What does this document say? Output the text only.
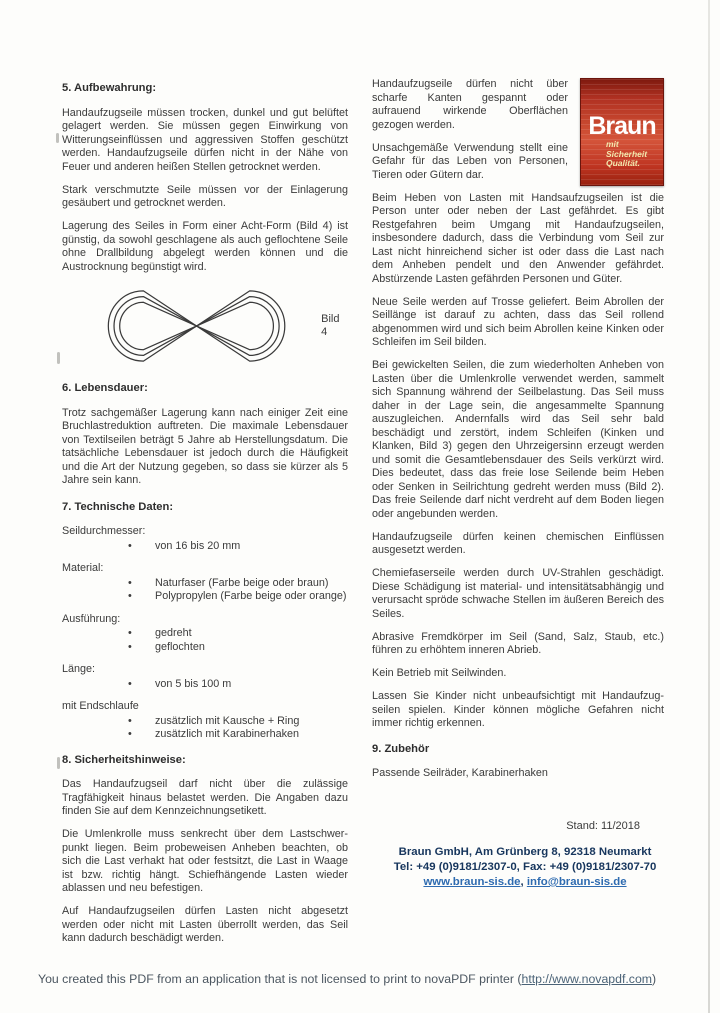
5. Aufbewahrung:

Handaufzugseile müssen trocken, dunkel und gut belüftet gelagert werden. Sie müssen gegen Einwirkung von Witterungseinflüssen und aggressiven Stoffen geschützt werden. Handaufzugseile dürfen nicht in der Nähe von Feuer und anderen heißen Stellen getrocknet werden.

Stark verschmutzte Seile müssen vor der Einlagerung gesäubert und getrocknet werden.

Lagerung des Seiles in Form einer Acht-Form (Bild 4) ist günstig, da sowohl geschlagene als auch geflochtene Seile ohne Drallbildung abgelegt werden können und die Austrocknung begünstigt wird.

Bild 4
6. Lebensdauer:

Trotz sachgemäßer Lagerung kann nach einiger Zeit eine Bruchlastreduktion auftreten. Die maximale Lebensdauer von Textilseilen beträgt 5 Jahre ab Herstellungsdatum. Die tatsächliche Lebensdauer ist jedoch durch die Häufigkeit und die Art der Nutzung gegeben, so dass sie kürzer als 5 Jahre sein kann.

7. Technische Daten:
Seildurchmesser:
• von 16 bis 20 mm
Material:
• Naturfaser (Farbe beige oder braun)
• Polypropylen (Farbe beige oder orange)
Ausführung:
• gedreht
• geflochten
Länge:
• von 5 bis 100 m
mit Endschlaufe
• zusätzlich mit Kausche + Ring
• zusätzlich mit Karabinerhaken
8. Sicherheitshinweise:

Das Handaufzugseil darf nicht über die zulässige Tragfähigkeit hinaus belastet werden. Die Angaben dazu finden Sie auf dem Kennzeichnungsetikett.

Die Umlenkrolle muss senkrecht über dem Lastschwerpunkt liegen. Beim probeweisen Anheben beachten, ob sich die Last verhakt hat oder festsitzt, die Last in Waage ist bzw. richtig hängt. Schiefhängende Lasten wieder ablassen und neu befestigen.

Auf Handaufzugseilen dürfen Lasten nicht abgesetzt werden oder nicht mit Lasten überrollt werden, das Seil kann dadurch beschädigt werden.

Braun
mit
Sicherheit
Qualität.

Handaufzugseile dürfen nicht über scharfe Kanten gespannt oder aufrauend wirkende Oberflächen gezogen werden.

Unsachgemäße Verwendung stellt eine Gefahr für das Leben von Personen, Tieren oder Gütern dar.

Beim Heben von Lasten mit Handsaufzugseilen ist die Person unter oder neben der Last gefährdet. Es gibt Restgefahren beim Umgang mit Handaufzugseilen, insbesondere dadurch, dass die Verbindung vom Seil zur Last nicht hinreichend sicher ist oder dass die Last nach dem Anheben pendelt und den Anwender gefährdet. Abstürzende Lasten gefährden Personen und Güter.

Neue Seile werden auf Trosse geliefert. Beim Abrollen der Seillänge ist darauf zu achten, dass das Seil rollend abgenommen wird und sich beim Abrollen keine Kinken oder Schleifen im Seil bilden.

Bei gewickelten Seilen, die zum wiederholten Anheben von Lasten über die Umlenkrolle verwendet werden, sammelt sich Spannung während der Seilbelastung. Das Seil muss daher in der Lage sein, die angesammelte Spannung auszugleichen. Andernfalls wird das Seil sehr bald beschädigt und zerstört, indem Schleifen (Kinken und Klanken, Bild 3) gegen den Uhrzeigersinn erzeugt werden und somit die Gesamtlebensdauer des Seils verkürzt wird. Dies bedeutet, dass das freie lose Seilende beim Heben oder Senken in Seilrichtung gedreht werden muss (Bild 2). Das freie Seilende darf nicht verdreht auf dem Boden liegen oder angebunden werden.

Handaufzugseile dürfen keinen chemischen Einflüssen ausgesetzt werden.

Chemiefaserseile werden durch UV-Strahlen geschädigt. Diese Schädigung ist material- und intensitätsabhängig und verursacht spröde schwache Stellen im äußeren Bereich des Seiles.

Abrasive Fremdkörper im Seil (Sand, Salz, Staub, etc.) führen zu erhöhtem inneren Abrieb.

Kein Betrieb mit Seilwinden.

Lassen Sie Kinder nicht unbeaufsichtigt mit Handaufzugseilen spielen. Kinder können mögliche Gefahren nicht immer richtig erkennen.

9. Zubehör

Passende Seilräder, Karabinerhaken

Stand: 11/2018
Braun GmbH, Am Grünberg 8, 92318 Neumarkt
Tel: +49 (0)9181/2307-0, Fax: +49 (0)9181/2307-70
www.braun-sis.de, info@braun-sis.de
You created this PDF from an application that is not licensed to print to novaPDF printer (http://www.novapdf.com)
